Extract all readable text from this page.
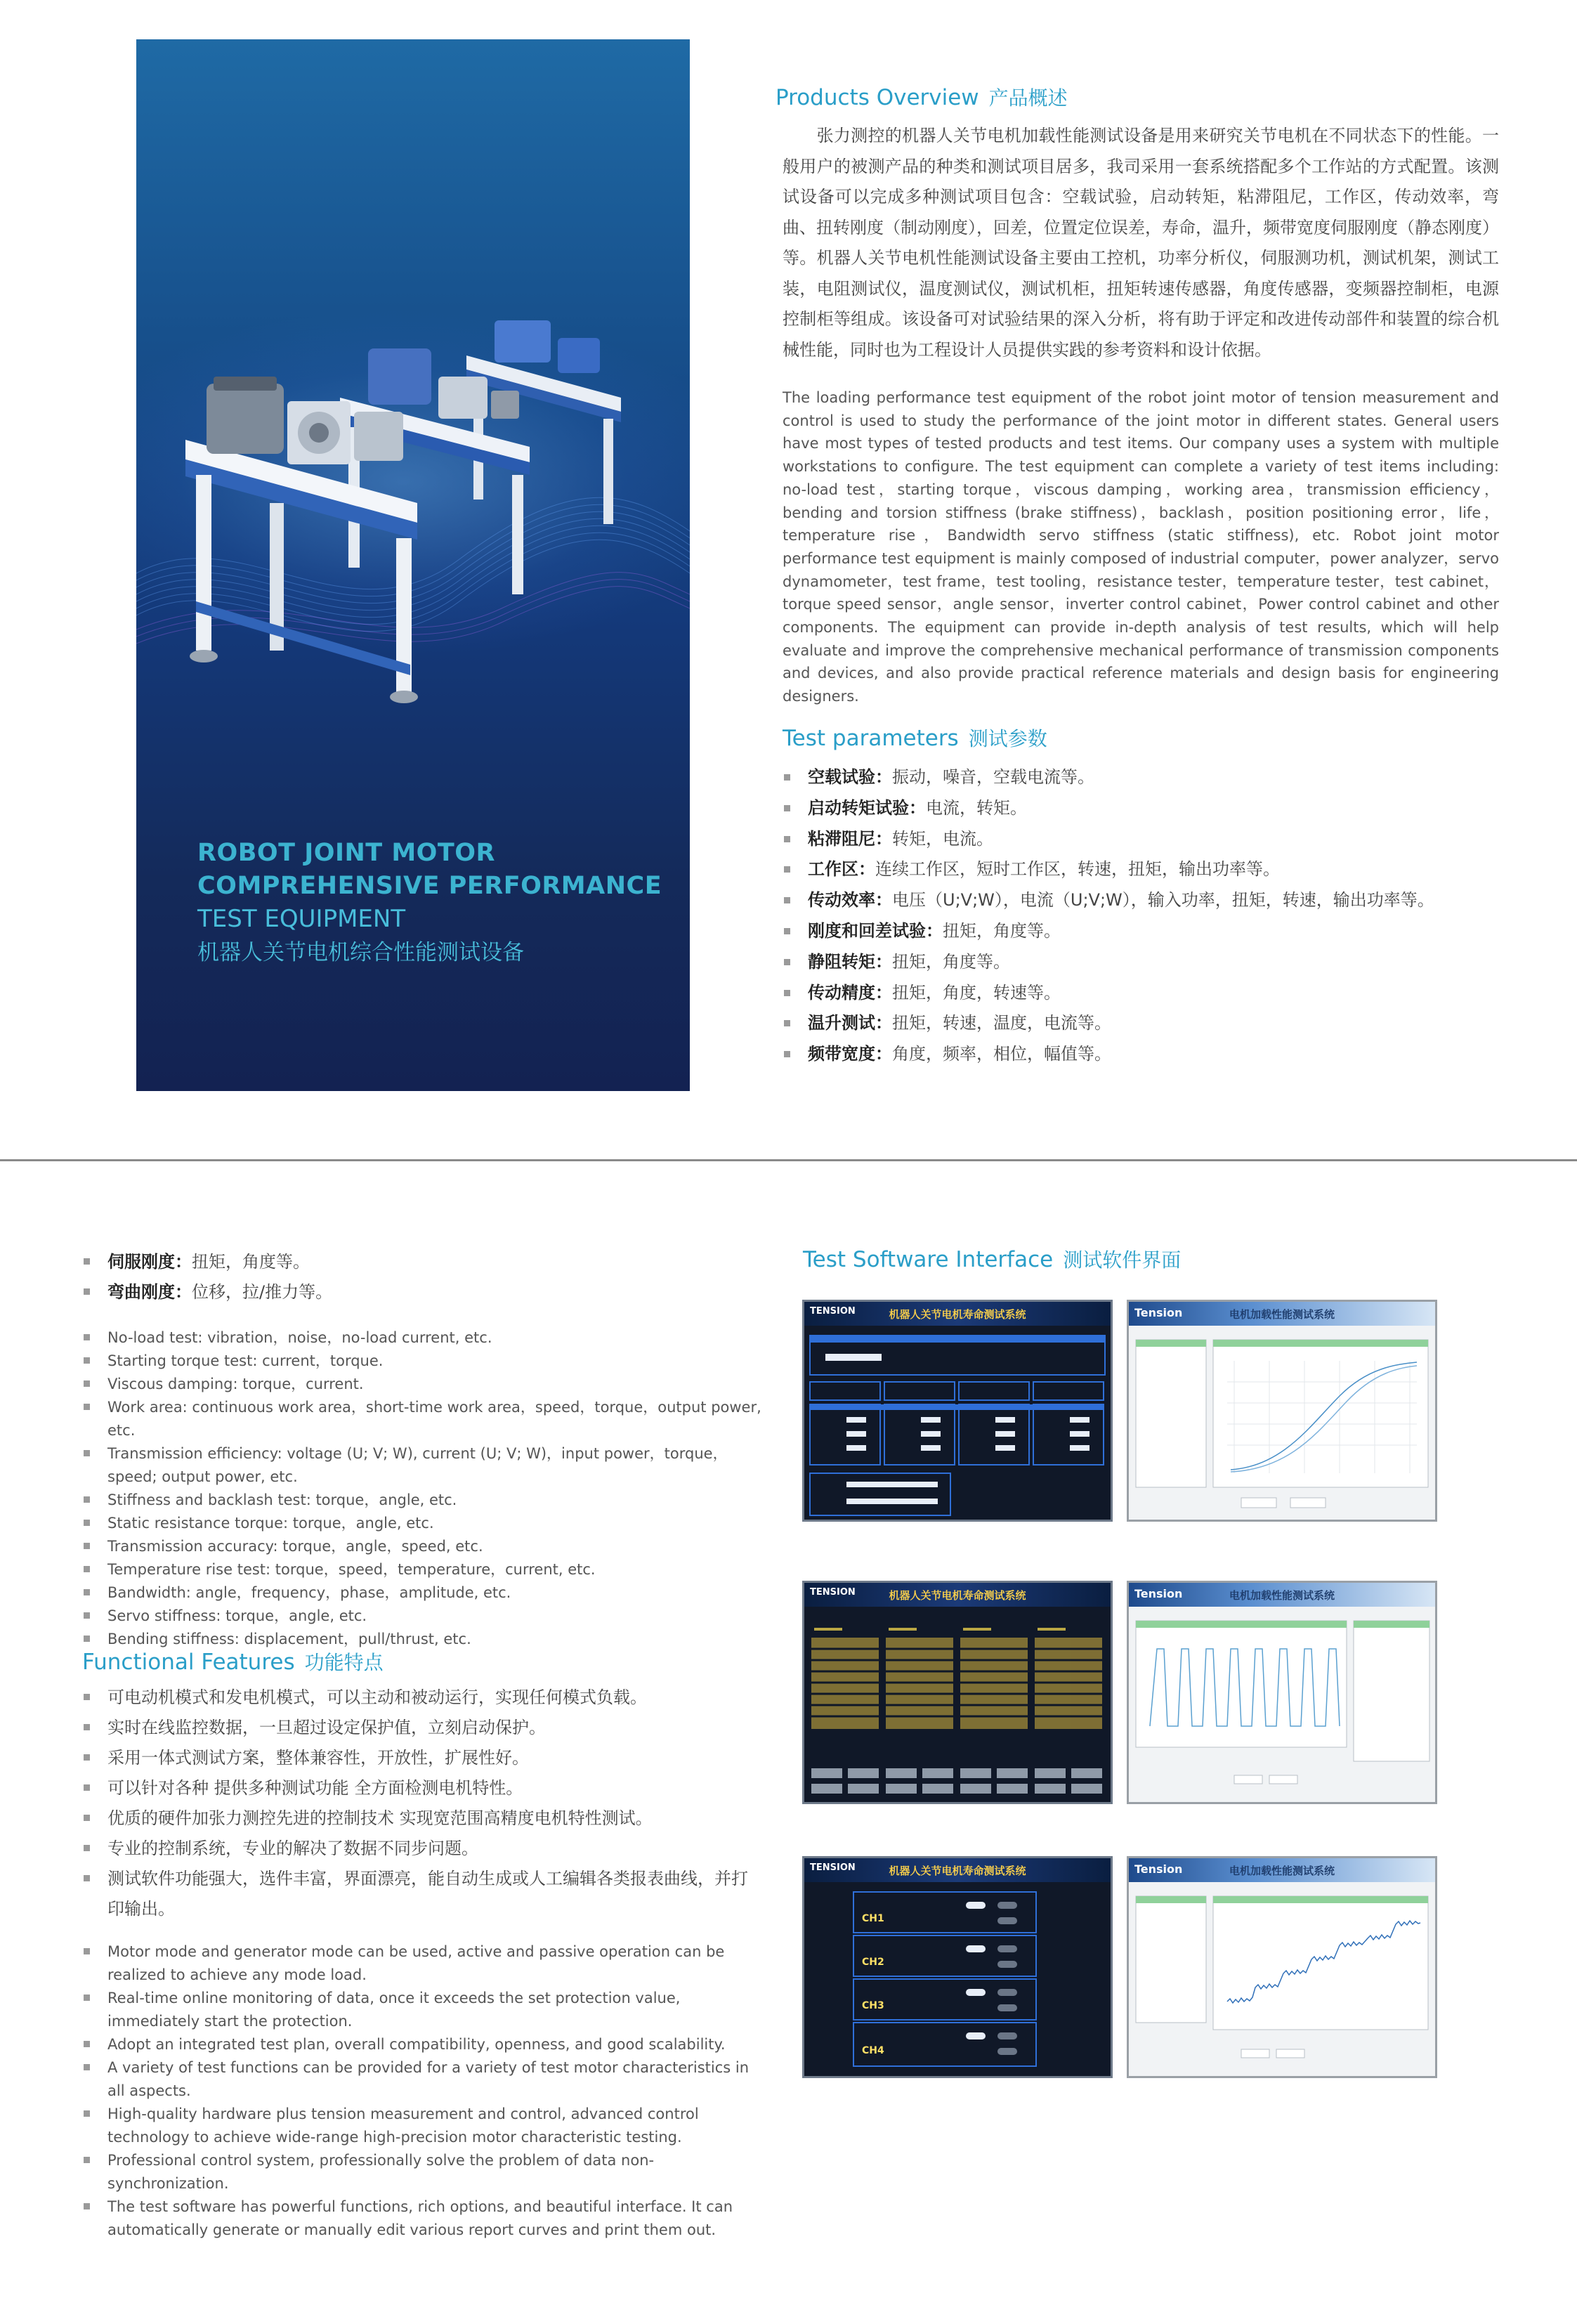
ROBOT JOINT MOTOR
COMPREHENSIVE PERFORMANCE
TEST EQUIPMENT
机器人关节电机综合性能测试设备
Products Overview 产品概述
　　张力测控的机器人关节电机加载性能测试设备是用来研究关节电机在不同状态下的性能。一般用户的被测产品的种类和测试项目居多，我司采用一套系统搭配多个工作站的方式配置。该测试设备可以完成多种测试项目包含：空载试验，启动转矩，粘滞阻尼，工作区，传动效率，弯曲、扭转刚度（制动刚度），回差，位置定位误差，寿命，温升，频带宽度伺服刚度（静态刚度）等。机器人关节电机性能测试设备主要由工控机，功率分析仪，伺服测功机，测试机架，测试工装，电阻测试仪，温度测试仪，测试机柜，扭矩转速传感器，角度传感器，变频器控制柜，电源控制柜等组成。该设备可对试验结果的深入分析，将有助于评定和改进传动部件和装置的综合机械性能，同时也为工程设计人员提供实践的参考资料和设计依据。
The loading performance test equipment of the robot joint motor of tension measurement and control is used to study the performance of the joint motor in different states. General users have most types of tested products and test items. Our company uses a system with multiple workstations to configure. The test equipment can complete a variety of test items including: no-load test，starting torque，viscous damping，working area，transmission efficiency，bending and torsion stiffness (brake stiffness)，backlash，position positioning error，life，temperature rise，Bandwidth servo stiffness (static stiffness), etc. Robot joint motor performance test equipment is mainly composed of industrial computer，power analyzer，servo dynamometer，test frame，test tooling，resistance tester，temperature tester，test cabinet，torque speed sensor，angle sensor，inverter control cabinet，Power control cabinet and other components. The equipment can provide in-depth analysis of test results, which will help evaluate and improve the comprehensive mechanical performance of transmission components and devices, and also provide practical reference materials and design basis for engineering designers.
Test parameters 测试参数
空载试验：振动，噪音，空载电流等。
启动转矩试验：电流，转矩。
粘滞阻尼：转矩，电流。
工作区：连续工作区，短时工作区，转速，扭矩，输出功率等。
传动效率：电压（U;V;W），电流（U;V;W），输入功率，扭矩，转速，输出功率等。
刚度和回差试验：扭矩，角度等。
静阻转矩：扭矩，角度等。
传动精度：扭矩，角度，转速等。
温升测试：扭矩，转速，温度，电流等。
频带宽度：角度，频率，相位，幅值等。
伺服刚度：扭矩，角度等。
弯曲刚度：位移，拉/推力等。
No-load test: vibration，noise，no-load current, etc.
Starting torque test: current，torque.
Viscous damping: torque，current.
Work area: continuous work area，short-time work area，speed，torque，output power, etc.
Transmission efficiency: voltage (U; V; W), current (U; V; W)，input power，torque，speed; output power, etc.
Stiffness and backlash test: torque，angle, etc.
Static resistance torque: torque，angle, etc.
Transmission accuracy: torque，angle，speed, etc.
Temperature rise test: torque，speed，temperature，current, etc.
Bandwidth: angle，frequency，phase，amplitude, etc.
Servo stiffness: torque，angle, etc.
Bending stiffness: displacement，pull/thrust, etc.
Functional Features 功能特点
可电动机模式和发电机模式，可以主动和被动运行，实现任何模式负载。
实时在线监控数据，一旦超过设定保护值，立刻启动保护。
采用一体式测试方案，整体兼容性，开放性，扩展性好。
可以针对各种 提供多种测试功能 全方面检测电机特性。
优质的硬件加张力测控先进的控制技术 实现宽范围高精度电机特性测试。
专业的控制系统，专业的解决了数据不同步问题。
测试软件功能强大，选件丰富，界面漂亮，能自动生成或人工编辑各类报表曲线，并打印输出。
Motor mode and generator mode can be used, active and passive operation can be realized to achieve any mode load.
Real-time online monitoring of data, once it exceeds the set protection value, immediately start the protection.
Adopt an integrated test plan, overall compatibility, openness, and good scalability.
A variety of test functions can be provided for a variety of test motor characteristics in all aspects.
High-quality hardware plus tension measurement and control, advanced control technology to achieve wide-range high-precision motor characteristic testing.
Professional control system, professionally solve the problem of data non-synchronization.
The test software has powerful functions, rich options, and beautiful interface. It can automatically generate or manually edit various report curves and print them out.
Test Software Interface 测试软件界面
TENSION	机器人关节电机寿命测试系统	Tension	电机加载性能测试系统
TENSION	机器人关节电机寿命测试系统	Tension	电机加载性能测试系统
TENSION	机器人关节电机寿命测试系统
CH1
CH2
CH3
CH4
Tension	电机加载性能测试系统
